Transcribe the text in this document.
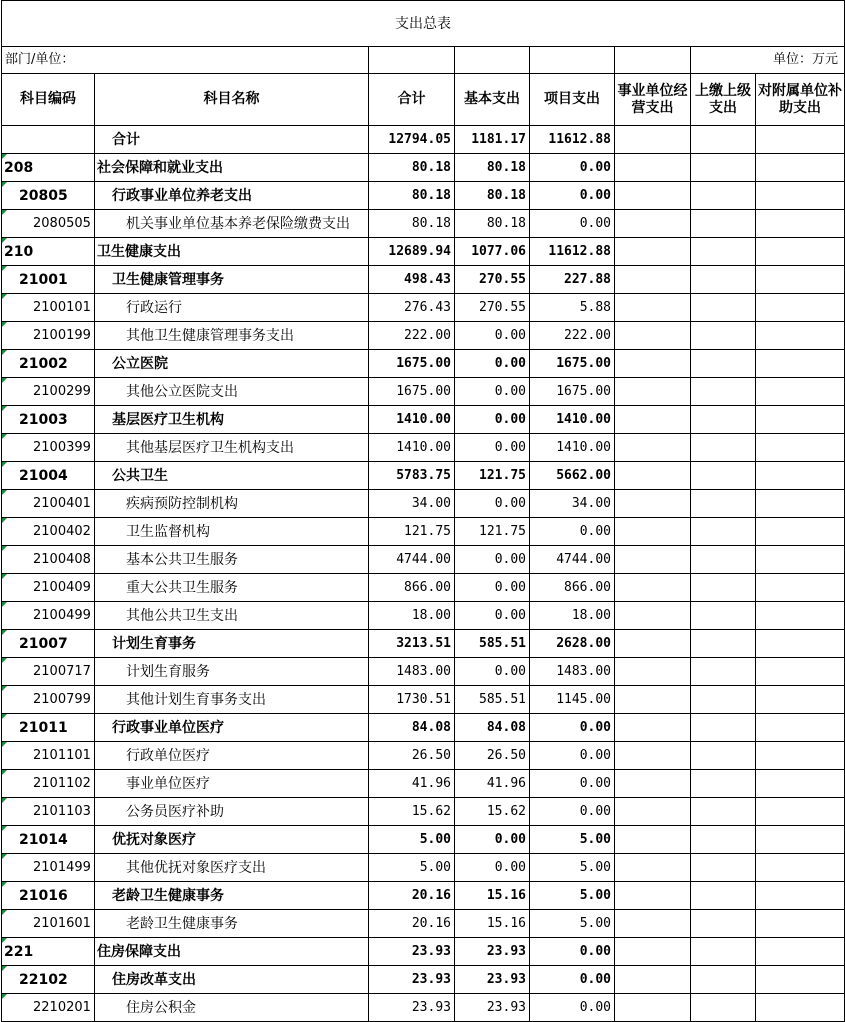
支出总表							
部门/单位：						单位：万元	
科目编码	科目名称	合计	基本支出	项目支出	事业单位经营支出	上缴上级支出	对附属单位补助支出
	合计	12794.05	1181.17	11612.88			
208	社会保障和就业支出	80.18	80.18	0.00			
20805	行政事业单位养老支出	80.18	80.18	0.00			
2080505	机关事业单位基本养老保险缴费支出	80.18	80.18	0.00			
210	卫生健康支出	12689.94	1077.06	11612.88			
21001	卫生健康管理事务	498.43	270.55	227.88			
2100101	行政运行	276.43	270.55	5.88			
2100199	其他卫生健康管理事务支出	222.00	0.00	222.00			
21002	公立医院	1675.00	0.00	1675.00			
2100299	其他公立医院支出	1675.00	0.00	1675.00			
21003	基层医疗卫生机构	1410.00	0.00	1410.00			
2100399	其他基层医疗卫生机构支出	1410.00	0.00	1410.00			
21004	公共卫生	5783.75	121.75	5662.00			
2100401	疾病预防控制机构	34.00	0.00	34.00			
2100402	卫生监督机构	121.75	121.75	0.00			
2100408	基本公共卫生服务	4744.00	0.00	4744.00			
2100409	重大公共卫生服务	866.00	0.00	866.00			
2100499	其他公共卫生支出	18.00	0.00	18.00			
21007	计划生育事务	3213.51	585.51	2628.00			
2100717	计划生育服务	1483.00	0.00	1483.00			
2100799	其他计划生育事务支出	1730.51	585.51	1145.00			
21011	行政事业单位医疗	84.08	84.08	0.00			
2101101	行政单位医疗	26.50	26.50	0.00			
2101102	事业单位医疗	41.96	41.96	0.00			
2101103	公务员医疗补助	15.62	15.62	0.00			
21014	优抚对象医疗	5.00	0.00	5.00			
2101499	其他优抚对象医疗支出	5.00	0.00	5.00			
21016	老龄卫生健康事务	20.16	15.16	5.00			
2101601	老龄卫生健康事务	20.16	15.16	5.00			
221	住房保障支出	23.93	23.93	0.00			
22102	住房改革支出	23.93	23.93	0.00			
2210201	住房公积金	23.93	23.93	0.00			
